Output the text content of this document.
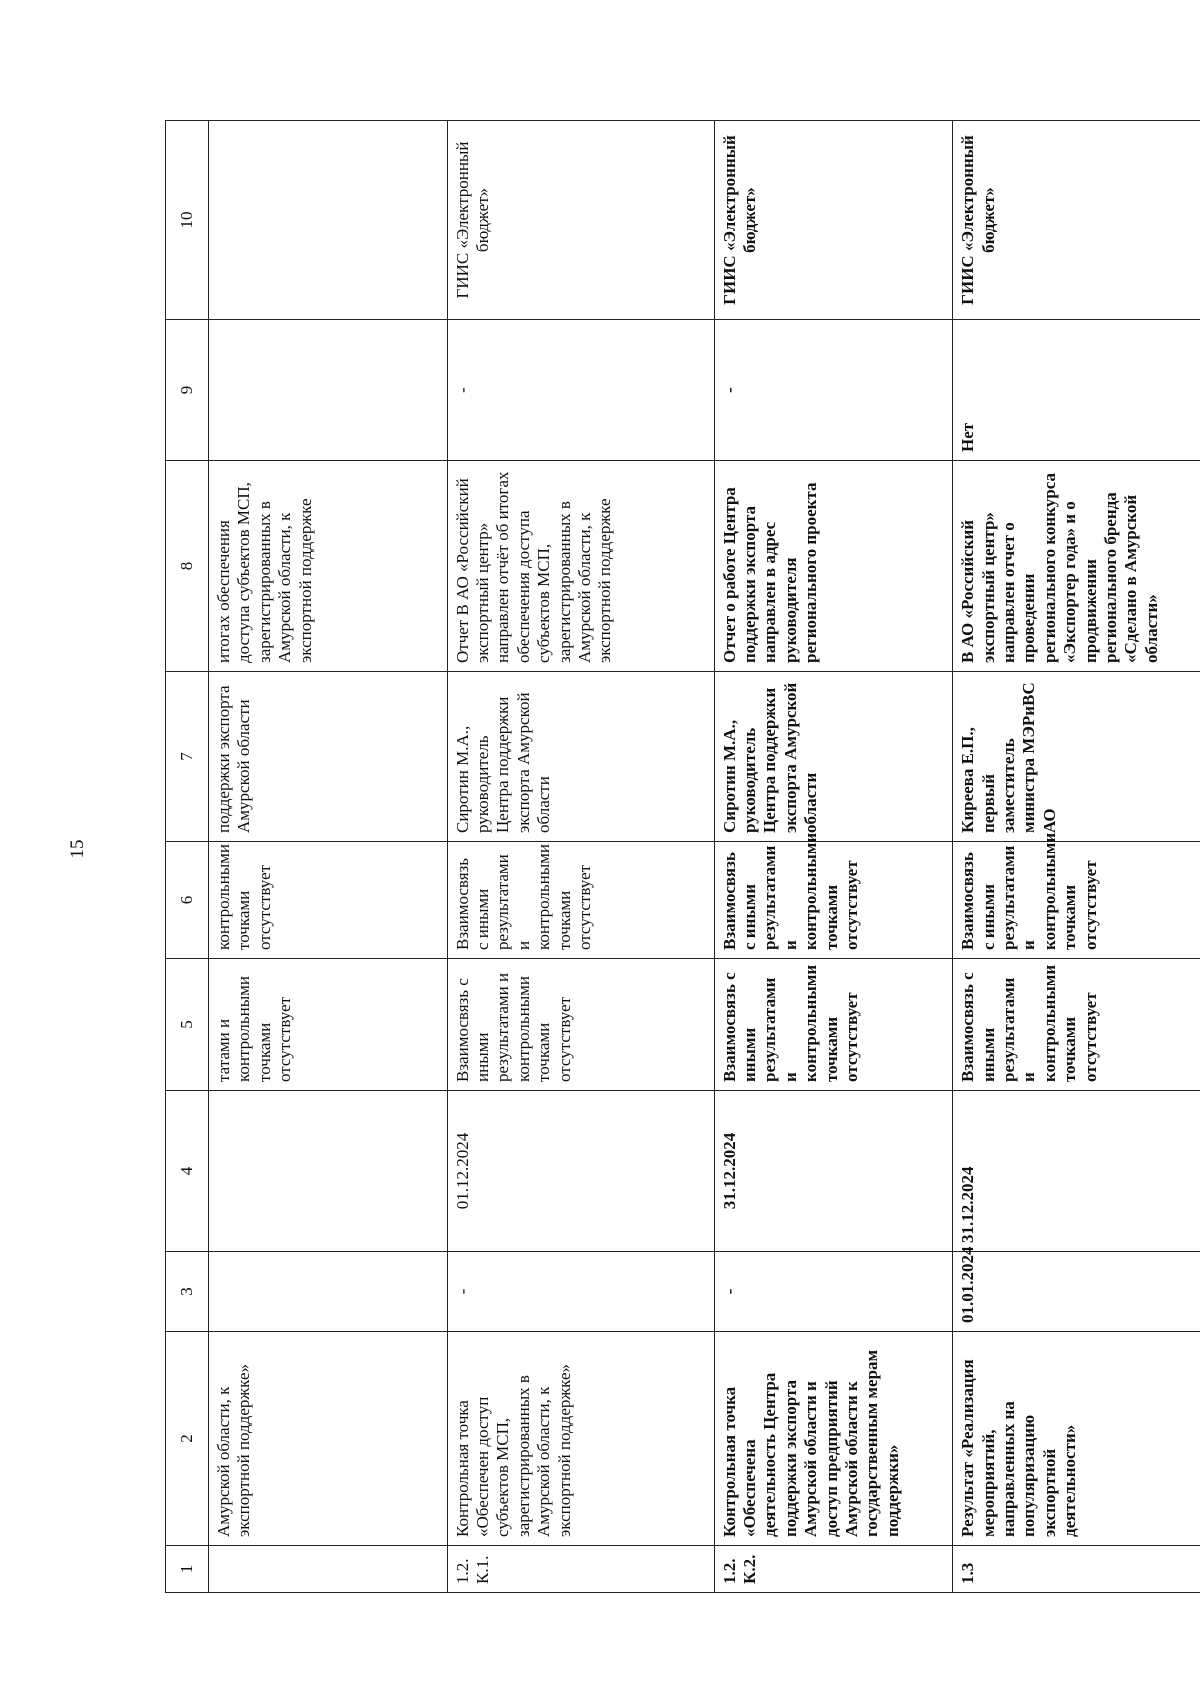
15
1	2	3	4	5	6	7	8	9	10
	Амурской области, к экспортной поддержке»			татами и контрольными точками отсутствует	контрольными точками отсутствует	поддержки экспорта Амурской области	итогах обеспечения доступа субъектов МСП, зарегистрированных в Амурской области, к экспортной поддержке		
1.2. К.1.	Контрольная точка «Обеспечен доступ субъектов МСП, зарегистрированных в Амурской области, к экспортной поддержке»	-	01.12.2024	Взаимосвязь с иными результатами и контрольными точками отсутствует	Взаимосвязь с иными результатами и контрольными точками отсутствует	Сиротин М.А., руководитель Центра поддержки экспорта Амурской области	Отчет В АО «Российский экспортный центр» направлен отчёт об итогах обеспечения доступа субъектов МСП, зарегистрированных в Амурской области, к экспортной поддержке	-	ГИИС «Электронный бюджет»
1.2. К.2.	Контрольная точка «Обеспечена деятельность Центра поддержки экспорта Амурской области и доступ предприятий Амурской области к государственным мерам поддержки»	-	31.12.2024	Взаимосвязь с иными результатами и контрольными точками отсутствует	Взаимосвязь с иными результатами и контрольными точками отсутствует	Сиротин М.А., руководитель Центра поддержки экспорта Амурской области	Отчет о работе Центра поддержки экспорта направлен в адрес руководителя регионального проекта	-	ГИИС «Электронный бюджет»
1.3	Результат «Реализация мероприятий, направленных на популяризацию экспортной деятельности»	01.01.2024	31.12.2024	Взаимосвязь с иными результатами и контрольными точками отсутствует	Взаимосвязь с иными результатами и контрольными точками отсутствует	Киреева Е.П., первый заместитель министра МЭРиВС АО	В АО «Российский экспортный центр» направлен отчет о проведении регионального конкурса «Экспортер года» и о продвижении регионального бренда «Сделано в Амурской области»	Нет	ГИИС «Электронный бюджет»
